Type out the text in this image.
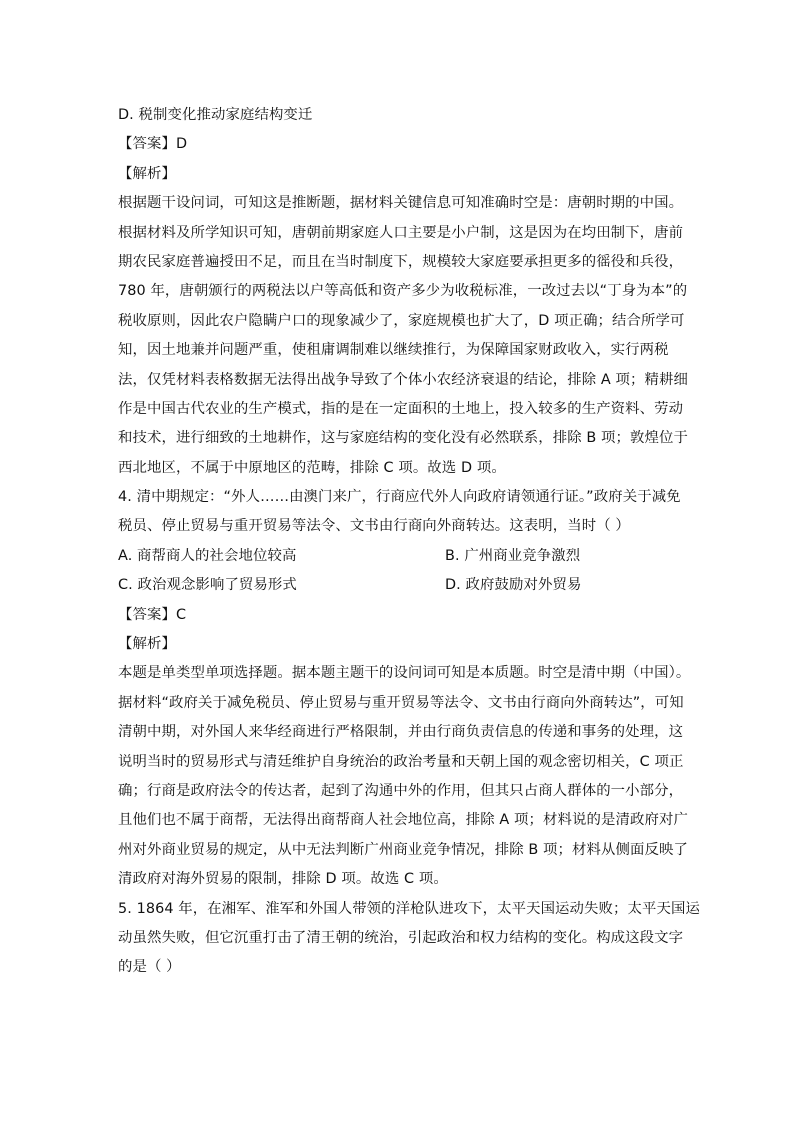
D. 税制变化推动家庭结构变迁
【答案】D
【解析】
根据题干设问词，可知这是推断题，据材料关键信息可知准确时空是：唐朝时期的中国。
根据材料及所学知识可知，唐朝前期家庭人口主要是小户制，这是因为在均田制下，唐前
期农民家庭普遍授田不足，而且在当时制度下，规模较大家庭要承担更多的徭役和兵役，
780 年，唐朝颁行的两税法以户等高低和资产多少为收税标准，一改过去以“丁身为本”的
税收原则，因此农户隐瞒户口的现象减少了，家庭规模也扩大了，D 项正确；结合所学可
知，因土地兼并问题严重，使租庸调制难以继续推行，为保障国家财政收入，实行两税
法，仅凭材料表格数据无法得出战争导致了个体小农经济衰退的结论，排除 A 项；精耕细
作是中国古代农业的生产模式，指的是在一定面积的土地上，投入较多的生产资料、劳动
和技术，进行细致的土地耕作，这与家庭结构的变化没有必然联系，排除 B 项；敦煌位于
西北地区，不属于中原地区的范畴，排除 C 项。故选 D 项。
4. 清中期规定：“外人……由澳门来广，行商应代外人向政府请领通行证。”政府关于减免
税员、停止贸易与重开贸易等法令、文书由行商向外商转达。这表明，当时（ ）
A. 商帮商人的社会地位较高	B. 广州商业竞争激烈
C. 政治观念影响了贸易形式	D. 政府鼓励对外贸易
【答案】C
【解析】
本题是单类型单项选择题。据本题主题干的设问词可知是本质题。时空是清中期（中国）。
据材料“政府关于减免税员、停止贸易与重开贸易等法令、文书由行商向外商转达”，可知
清朝中期，对外国人来华经商进行严格限制，并由行商负责信息的传递和事务的处理，这
说明当时的贸易形式与清廷维护自身统治的政治考量和天朝上国的观念密切相关，C 项正
确；行商是政府法令的传达者，起到了沟通中外的作用，但其只占商人群体的一小部分，
且他们也不属于商帮，无法得出商帮商人社会地位高，排除 A 项；材料说的是清政府对广
州对外商业贸易的规定，从中无法判断广州商业竞争情况，排除 B 项；材料从侧面反映了
清政府对海外贸易的限制，排除 D 项。故选 C 项。
5. 1864 年，在湘军、淮军和外国人带领的洋枪队进攻下，太平天国运动失败；太平天国运
动虽然失败，但它沉重打击了清王朝的统治，引起政治和权力结构的变化。构成这段文字
的是（ ）
